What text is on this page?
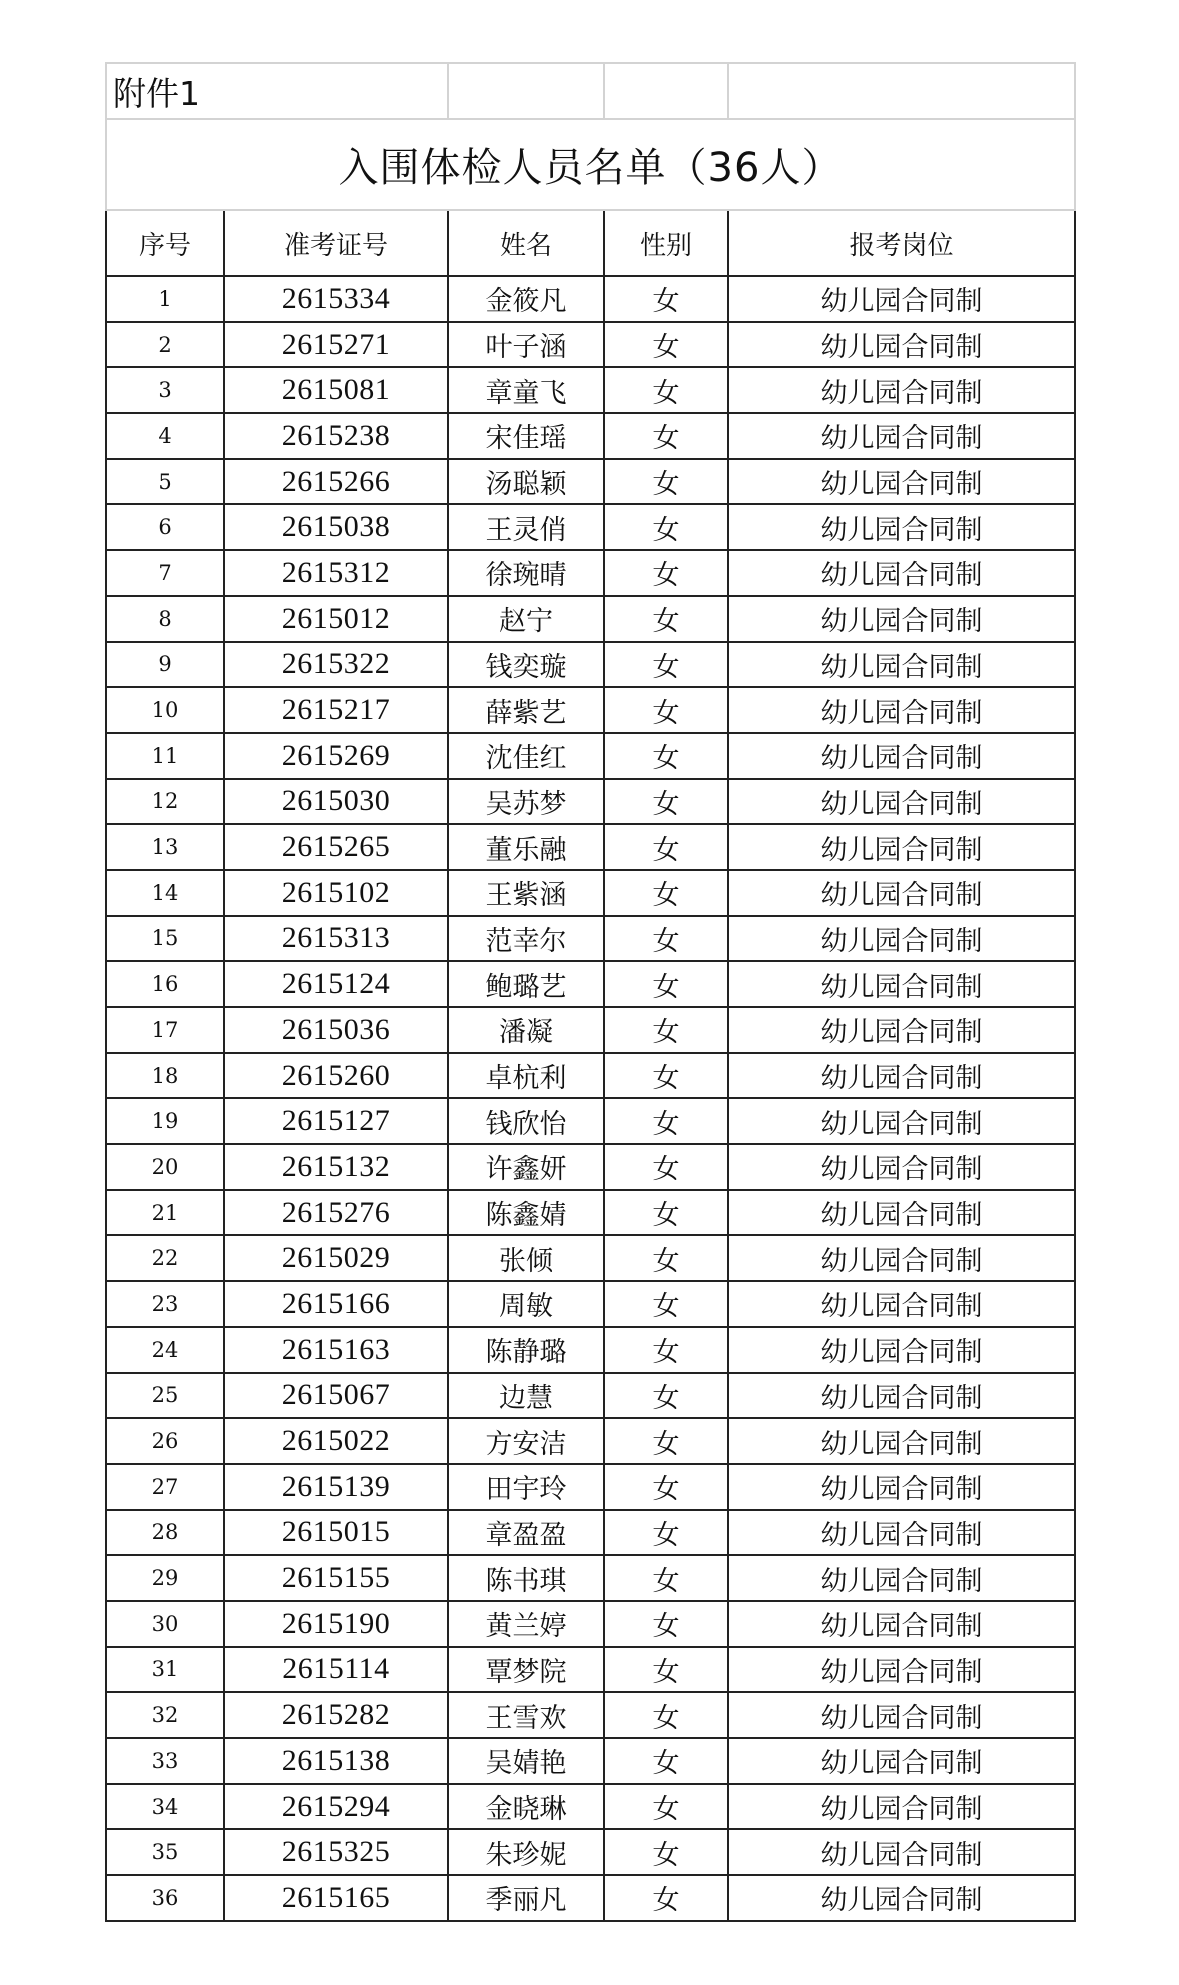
附件1				
入围体检人员名单（36人）				
序号	准考证号	姓名	性别	报考岗位
1	2615334	金筱凡	女	幼儿园合同制
2	2615271	叶子涵	女	幼儿园合同制
3	2615081	章童飞	女	幼儿园合同制
4	2615238	宋佳瑶	女	幼儿园合同制
5	2615266	汤聪颖	女	幼儿园合同制
6	2615038	王灵俏	女	幼儿园合同制
7	2615312	徐琬晴	女	幼儿园合同制
8	2615012	赵宁	女	幼儿园合同制
9	2615322	钱奕璇	女	幼儿园合同制
10	2615217	薛紫艺	女	幼儿园合同制
11	2615269	沈佳红	女	幼儿园合同制
12	2615030	吴苏梦	女	幼儿园合同制
13	2615265	董乐融	女	幼儿园合同制
14	2615102	王紫涵	女	幼儿园合同制
15	2615313	范幸尔	女	幼儿园合同制
16	2615124	鲍璐艺	女	幼儿园合同制
17	2615036	潘凝	女	幼儿园合同制
18	2615260	卓杭利	女	幼儿园合同制
19	2615127	钱欣怡	女	幼儿园合同制
20	2615132	许鑫妍	女	幼儿园合同制
21	2615276	陈鑫婧	女	幼儿园合同制
22	2615029	张倾	女	幼儿园合同制
23	2615166	周敏	女	幼儿园合同制
24	2615163	陈静璐	女	幼儿园合同制
25	2615067	边慧	女	幼儿园合同制
26	2615022	方安洁	女	幼儿园合同制
27	2615139	田宇玲	女	幼儿园合同制
28	2615015	章盈盈	女	幼儿园合同制
29	2615155	陈书琪	女	幼儿园合同制
30	2615190	黄兰婷	女	幼儿园合同制
31	2615114	覃梦院	女	幼儿园合同制
32	2615282	王雪欢	女	幼儿园合同制
33	2615138	吴婧艳	女	幼儿园合同制
34	2615294	金晓琳	女	幼儿园合同制
35	2615325	朱珍妮	女	幼儿园合同制
36	2615165	季丽凡	女	幼儿园合同制
